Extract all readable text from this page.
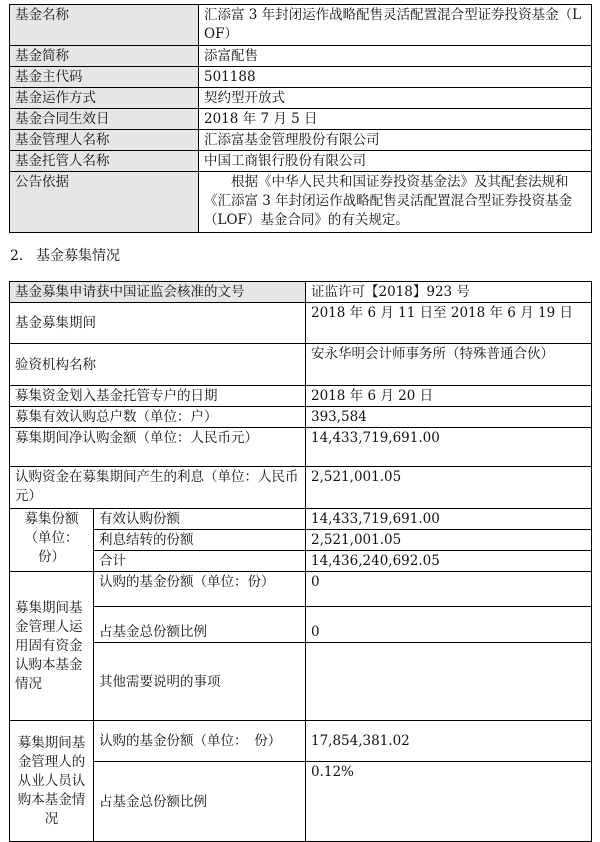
基金名称	汇添富 3 年封闭运作战略配售灵活配置混合型证券投资基金（LOF）
基金简称	添富配售
基金主代码	501188
基金运作方式	契约型开放式
基金合同生效日	2018 年 7 月 5 日
基金管理人名称	汇添富基金管理股份有限公司
基金托管人名称	中国工商银行股份有限公司
公告依据	根据《中华人民共和国证券投资基金法》及其配套法规和《汇添富 3 年封闭运作战略配售灵活配置混合型证券投资基金（LOF）基金合同》的有关规定。
2. 基金募集情况
基金募集申请获中国证监会核准的文号		证监许可【2018】923 号
基金募集期间		2018 年 6 月 11 日至 2018 年 6 月 19 日
验资机构名称		安永华明会计师事务所（特殊普通合伙）
募集资金划入基金托管专户的日期		2018 年 6 月 20 日
募集有效认购总户数（单位：户）		393,584
募集期间净认购金额（单位：人民币元）		14,433,719,691.00
认购资金在募集期间产生的利息（单位：人民币元）		2,521,001.05
募集份额（单位：份）	有效认购份额	14,433,719,691.00
	利息结转的份额	2,521,001.05
	合计	14,436,240,692.05
募集期间基金管理人运用固有资金认购本基金情况	认购的基金份额（单位：份）	0
	占基金总份额比例	0
	其他需要说明的事项	
募集期间基金管理人的从业人员认购本基金情况	认购的基金份额（单位：　份）	17,854,381.02
	占基金总份额比例	0.12%
